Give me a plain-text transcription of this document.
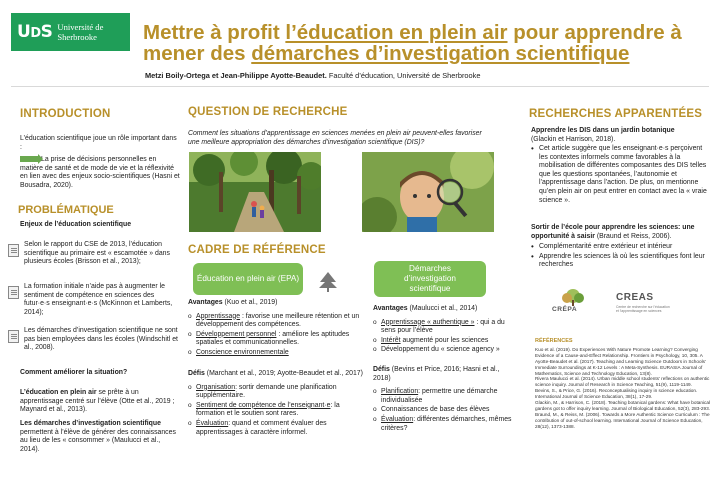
UDS Université de
Sherbrooke	Mettre à profit l’éducation en plein air pour apprendre à mener des démarches d’investigation scientifique
Metzi Boily-Ortega et Jean-Philippe Ayotte-Beaudet. Faculté d’éducation, Université de Sherbrooke
INTRODUCTION
L’éducation scientifique joue un rôle important dans :
La prise de décisions personnelles en matière de santé et de mode de vie et la réflexivité en lien avec des enjeux socio-scientifiques (Hasni et Bousadra, 2020).
PROBLÉMATIQUE
Enjeux de l’éducation scientifique
Selon le rapport du CSE de 2013, l’éducation scientifique au primaire est « escamotée » dans plusieurs écoles (Brisson et al., 2013);
La formation initiale n’aide pas à augmenter le sentiment de compétence en sciences des futur·e·s enseignant·e·s (McKinnon et Lamberts, 2014);
Les démarches d’investigation scientifique ne sont pas bien employées dans les écoles (Windschitl et al., 2008).
Comment améliorer la situation?
L’éducation en plein air se prête à un apprentissage centré sur l’élève (Otte et al., 2019 ; Maynard et al., 2013).
Les démarches d’investigation scientifique permettent à l’élève de générer des connaissances au lieu de les « consommer » (Maulucci et al., 2014).
QUESTION DE RECHERCHE
Comment les situations d’apprentissage en sciences menées en plein air peuvent-elles favoriser une meilleure appropriation des démarches d’investigation scientifique (DIS)?
CADRE DE RÉFÉRENCE
Éducation en plein air (EPA)
Démarches
d’investigation
scientifique
Avantages (Kuo et al., 2019)
o Apprentissage : favorise une meilleure rétention et un développement des compétences.
o Développement personnel : améliore les aptitudes spatiales et communicationnelles.
o Conscience environnementale
Défis (Marchant et al., 2019; Ayotte-Beaudet et al., 2017)
o Organisation: sortir demande une planification supplémentaire.
o Sentiment de compétence de l’enseignant·e: la formation et le soutien sont rares.
o Évaluation: quand et comment évaluer des apprentissages à caractère informel.
Avantages (Maulucci et al., 2014)
o Apprentissage « authentique » : qui a du sens pour l’élève
o Intérêt augmenté pour les sciences
o Développement du « science agency »
Défis (Bevins et Price, 2016; Hasni et al., 2018)
o Planification: permettre une démarche individualisée
o Connaissances de base des élèves
o Évaluation: différentes démarches, mêmes critères?
RECHERCHES APPARENTÉES
Apprendre les DIS dans un jardin botanique
(Glackin et Harrison, 2018).
• Cet article suggère que les enseignant·e·s perçoivent les contextes informels comme favorables à la mobilisation de différentes composantes des DIS telles que les questions spontanées, l’autonomie et l’apprentissage dans l’action. De plus, on mentionne qu’en plein air on peut entrer en contact avec la « vraie science ».
Sortir de l’école pour apprendre les sciences: une opportunité à saisir (Braund et Reiss, 2006).
• Complémentarité entre extérieur et intérieur
• Apprendre les sciences là où les scientifiques font leur recherches
CRÉPA
CREAS
Centre de recherche sur l’éducation et l’apprentissage en sciences
RÉFÉRENCES
Kuo et al. (2019). Do Experiences With Nature Promote Learning? Converging Evidence of a Cause-and-Effect Relationship. Frontiers in Psychology, 10, 305. A
Ayotte-Beaudet et al. (2017). Teaching and Learning Science Outdoors in Schools’ Immediate Surroundings at K-12 Levels : A Meta-Synthesis. EURASIA Journal of Mathematics, Science and Technology Education, 13(8).
Rivera Maulucci et al. (2014). Urban middle school students’ reflections on authentic science inquiry. Journal of Research in Science Teaching, 51(9), 1119-1149.
Bevins, S., & Price, G. (2016). Reconceptualising inquiry in science education. International Journal of Science Education, 38(1), 17-29.
Glackin, M., & Harrison, C. (2018). Teaching botanical gardens: What have botanical gardens got to offer inquiry learning. Journal of Biological Education, 52(3), 283-293.
Braund, M., & Reiss, M. (2006). Towards a More Authentic Science Curriculum : The contribution of out-of-school learning. International Journal of Science Education, 28(12), 1373-1388.
